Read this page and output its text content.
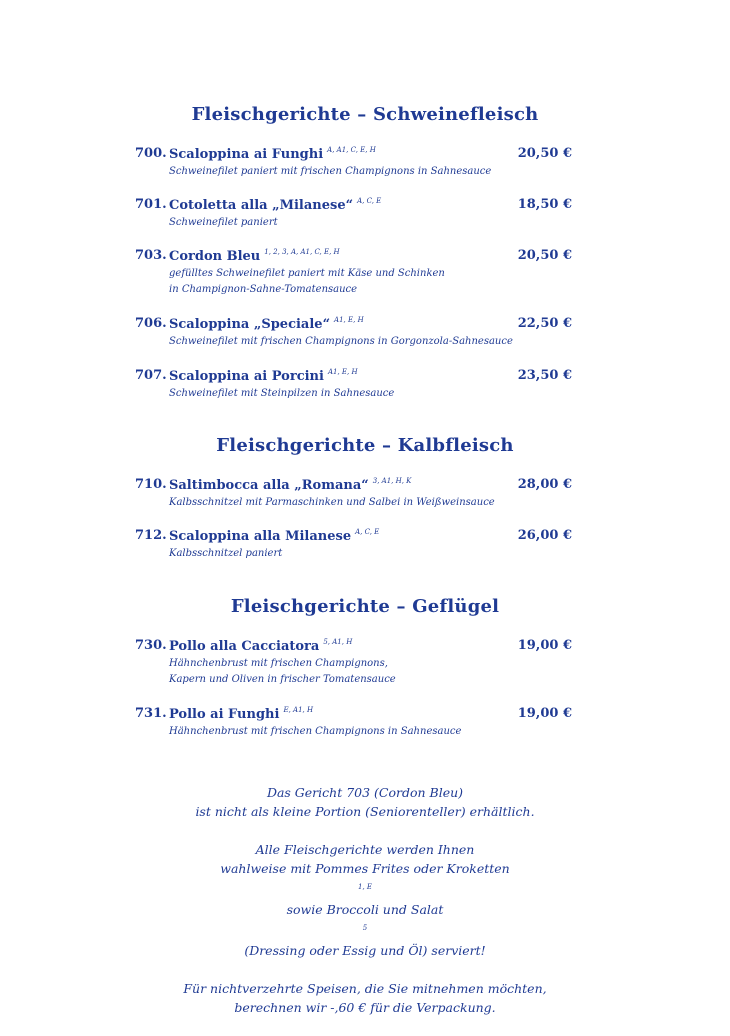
Fleischgerichte – Schweinefleisch
700. Scaloppina ai Funghi $^{A, A1, C, E, H}$	20,50 €
Schweinefilet paniert mit frischen Champignons in Sahnesauce
701. Cotoletta alla „Milanese“ $^{A, C, E}$	18,50 €
Schweinefilet paniert
703. Cordon Bleu $^{1, 2, 3, A, A1, C, E, H}$	20,50 €
gefülltes Schweinefilet paniert mit Käse und Schinken
in Champignon-Sahne-Tomatensauce
706. Scaloppina „Speciale“ $^{A1, E, H}$	22,50 €
Schweinefilet mit frischen Champignons in Gorgonzola-Sahnesauce
707. Scaloppina ai Porcini $^{A1, E, H}$	23,50 €
Schweinefilet mit Steinpilzen in Sahnesauce
Fleischgerichte – Kalbfleisch
710. Saltimbocca alla „Romana“ $^{3, A1, H, K}$	28,00 €
Kalbsschnitzel mit Parmaschinken und Salbei in Weißweinsauce
712. Scaloppina alla Milanese $^{A, C, E}$	26,00 €
Kalbsschnitzel paniert
Fleischgerichte – Geflügel
730. Pollo alla Cacciatora $^{5, A1, H}$	19,00 €
Hähnchenbrust mit frischen Champignons,
Kapern und Oliven in frischer Tomatensauce
731. Pollo ai Funghi $^{E, A1, H}$	19,00 €
Hähnchenbrust mit frischen Champignons in Sahnesauce

Das Gericht 703 (Cordon Bleu)
ist nicht als kleine Portion (Seniorenteller) erhältlich.

Alle Fleischgerichte werden Ihnen
wahlweise mit Pommes Frites oder Kroketten
$^{1, E}$
sowie Broccoli und Salat
$^5$
(Dressing oder Essig und Öl) serviert!

Für nichtverzehrte Speisen, die Sie mitnehmen möchten,
berechnen wir -,60 € für die Verpackung.
